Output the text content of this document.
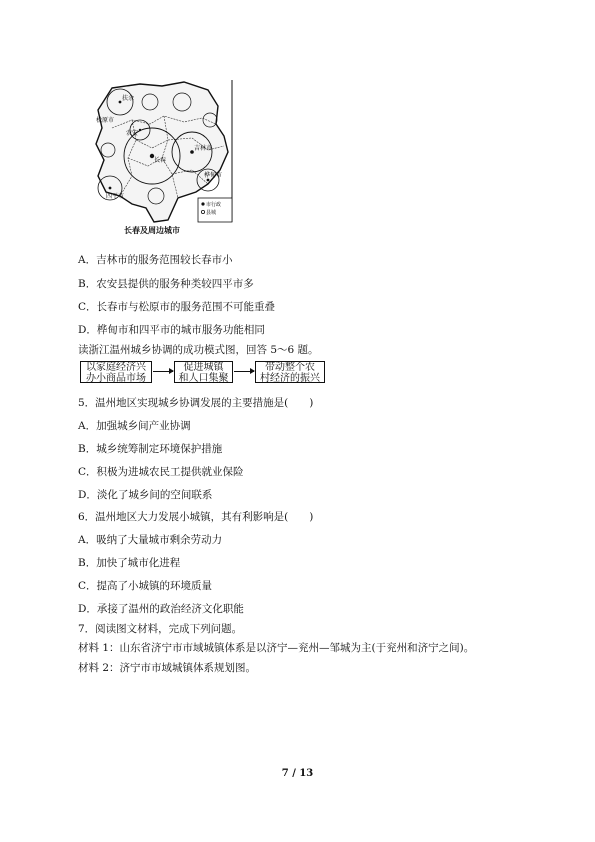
扶余
松原市
农安
长春
吉林市
桦甸市
四平市
市行政
县城
长春及周边城市
A．吉林市的服务范围较长春市小
B．农安县提供的服务种类较四平市多
C．长春市与松原市的服务范围不可能重叠
D．桦甸市和四平市的城市服务功能相同
读浙江温州城乡协调的成功模式图，回答 5～6 题。
以家庭经济兴
办小商品市场
促进城镇
和人口集聚
带动整个农
村经济的振兴
5．温州地区实现城乡协调发展的主要措施是(　　)
A．加强城乡间产业协调
B．城乡统筹制定环境保护措施
C．积极为进城农民工提供就业保险
D．淡化了城乡间的空间联系
6．温州地区大力发展小城镇，其有利影响是(　　)
A．吸纳了大量城市剩余劳动力
B．加快了城市化进程
C．提高了小城镇的环境质量
D．承接了温州的政治经济文化职能
7．阅读图文材料，完成下列问题。
材料 1：山东省济宁市市域城镇体系是以济宁—兖州—邹城为主(于兖州和济宁之间)。
材料 2：济宁市市域城镇体系规划图。
7 / 13
